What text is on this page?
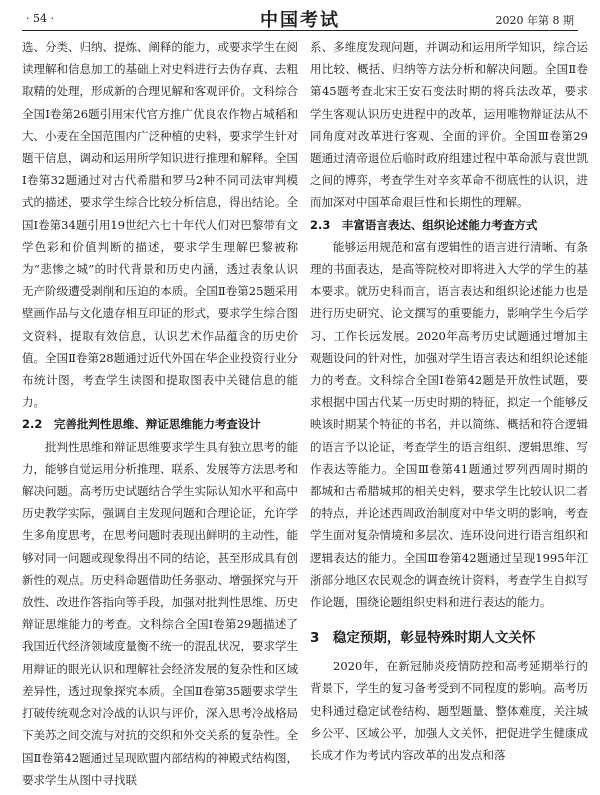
· 54 ·	中国考试	2020 年第 8 期

选、分类、归纳、提炼、阐释的能力，或要求学生在阅读理解和信息加工的基础上对史料进行去伪存真、去粗取精的处理，形成新的合理见解和客观评价。文科综合全国Ⅰ卷第26题引用宋代官方推广优良农作物占城稻和大、小麦在全国范围内广泛种植的史料，要求学生针对题干信息，调动和运用所学知识进行推理和解释。全国Ⅰ卷第32题通过对古代希腊和罗马2种不同司法审判模式的描述，要求学生综合比较分析信息，得出结论。全国Ⅰ卷第34题引用19世纪六七十年代人们对巴黎带有文学色彩和价值判断的描述，要求学生理解巴黎被称为“悲惨之城”的时代背景和历史内涵，透过表象认识无产阶级遭受剥削和压迫的本质。全国Ⅱ卷第25题采用壁画作品与文化遗存相互印证的形式，要求学生综合图文资料，提取有效信息，认识艺术作品蕴含的历史价值。全国Ⅱ卷第28题通过近代外国在华企业投资行业分布统计图，考查学生读图和提取图表中关键信息的能力。

2.2　完善批判性思维、辩证思维能力考查设计

批判性思维和辩证思维要求学生具有独立思考的能力，能够自觉运用分析推理、联系、发展等方法思考和解决问题。高考历史试题结合学生实际认知水平和高中历史教学实际，强调自主发现问题和合理论证，允许学生多角度思考，在思考问题时表现出鲜明的主动性，能够对同一问题或现象得出不同的结论，甚至形成具有创新性的观点。历史科命题借助任务驱动、增强探究与开放性、改进作答指向等手段，加强对批判性思维、历史辩证思维能力的考查。文科综合全国Ⅰ卷第29题描述了我国近代经济领域度量衡不统一的混乱状况，要求学生用辩证的眼光认识和理解社会经济发展的复杂性和区域差异性，透过现象探究本质。全国Ⅱ卷第35题要求学生打破传统观念对冷战的认识与评价，深入思考冷战格局下美苏之间交流与对抗的交织和外交关系的复杂性。全国Ⅱ卷第42题通过呈现欧盟内部结构的神殿式结构图，要求学生从图中寻找联

系、多维度发现问题，并调动和运用所学知识，综合运用比较、概括、归纳等方法分析和解决问题。全国Ⅱ卷第45题考查北宋王安石变法时期的将兵法改革，要求学生客观认识历史进程中的改革，运用唯物辩证法从不同角度对改革进行客观、全面的评价。全国Ⅲ卷第29题通过清帝退位后临时政府组建过程中革命派与袁世凯之间的博弈，考查学生对辛亥革命不彻底性的认识，进而加深对中国革命艰巨性和长期性的理解。

2.3　丰富语言表达、组织论述能力考查方式

能够运用规范和富有逻辑性的语言进行清晰、有条理的书面表达，是高等院校对即将进入大学的学生的基本要求。就历史科而言，语言表达和组织论述能力也是进行历史研究、论文撰写的重要能力，影响学生今后学习、工作长远发展。2020年高考历史试题通过增加主观题设问的针对性，加强对学生语言表达和组织论述能力的考查。文科综合全国Ⅰ卷第42题是开放性试题，要求根据中国古代某一历史时期的特征，拟定一个能够反映该时期某个特征的书名，并以简练、概括和符合逻辑的语言予以论证，考查学生的语言组织、逻辑思维、写作表达等能力。全国Ⅲ卷第41题通过罗列西周时期的都城和古希腊城邦的相关史料，要求学生比较认识二者的特点，并论述西周政治制度对中华文明的影响，考查学生面对复杂情境和多层次、连环设问进行语言组织和逻辑表达的能力。全国Ⅲ卷第42题通过呈现1995年江浙部分地区农民观念的调查统计资料，考查学生自拟写作论题，围绕论题组织史料和进行表达的能力。

3　稳定预期，彰显特殊时期人文关怀

2020年，在新冠肺炎疫情防控和高考延期举行的背景下，学生的复习备考受到不同程度的影响。高考历史科通过稳定试卷结构、题型题量、整体难度，关注城乡公平、区域公平，加强人文关怀，把促进学生健康成长成才作为考试内容改革的出发点和落
